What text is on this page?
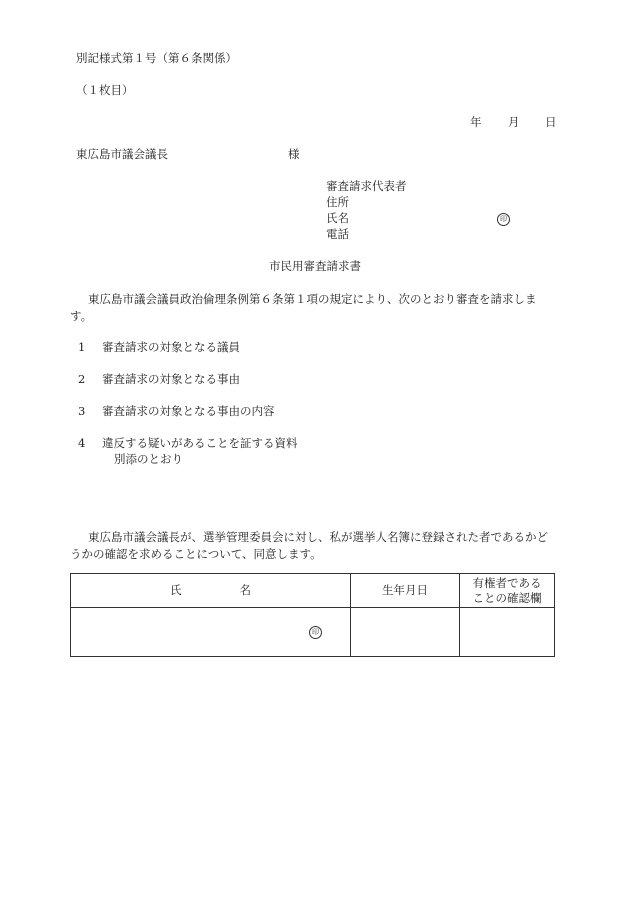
別記様式第１号（第６条関係）
（１枚目）
年 月 日
東広島市議会議長	様
審査請求代表者
住所
氏名	印
電話
市民用審査請求書
東広島市議会議員政治倫理条例第６条第１項の規定により、次のとおり審査を請求します。
1 審査請求の対象となる議員
2 審査請求の対象となる事由
3 審査請求の対象となる事由の内容
4 違反する疑いがあることを証する資料
別添のとおり
東広島市議会議長が、選挙管理委員会に対し、私が選挙人名簿に登録された者であるかどうかの確認を求めることについて、同意します。
氏 名	生年月日	有権者である
ことの確認欄

印		
